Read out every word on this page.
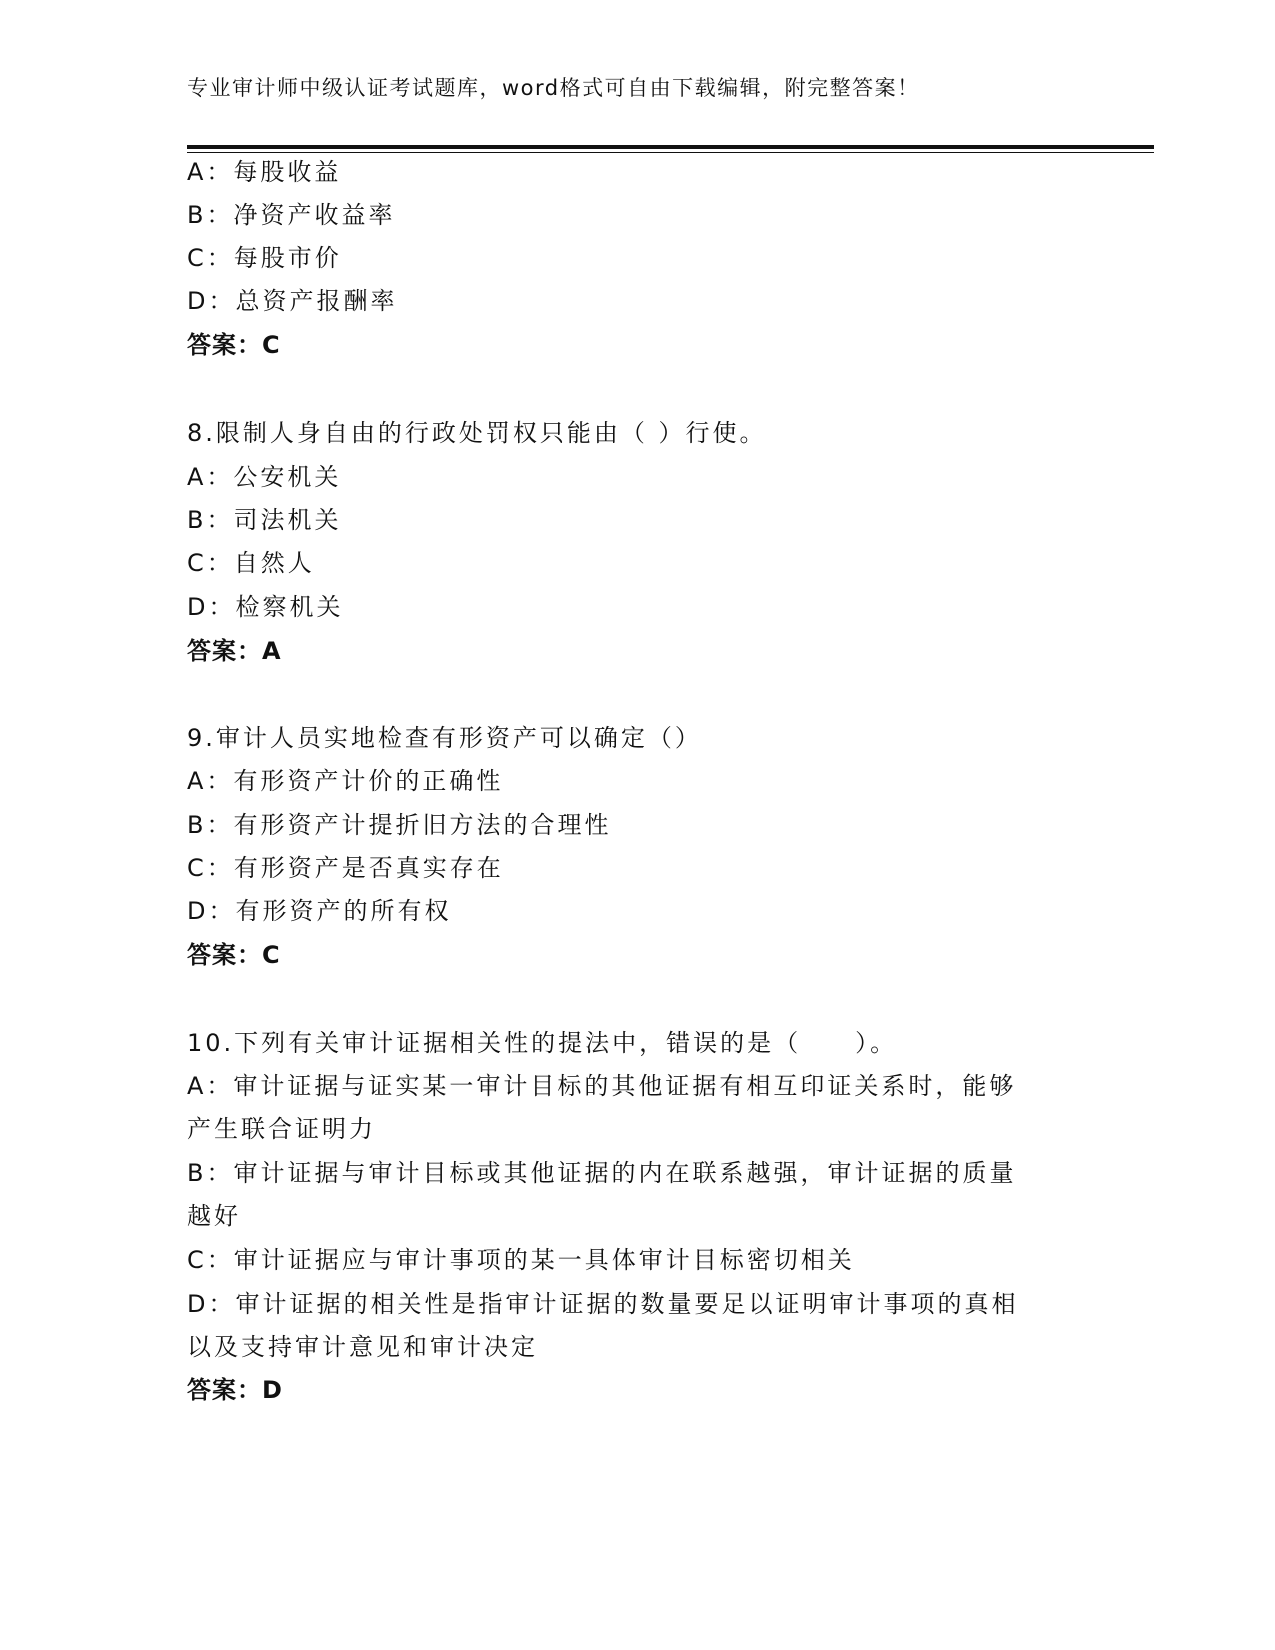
专业审计师中级认证考试题库，word格式可自由下载编辑，附完整答案！
A：每股收益
B：净资产收益率
C：每股市价
D：总资产报酬率
答案：C
8.限制人身自由的行政处罚权只能由（ ）行使。
A：公安机关
B：司法机关
C：自然人
D：检察机关
答案：A
9.审计人员实地检查有形资产可以确定（）
A：有形资产计价的正确性
B：有形资产计提折旧方法的合理性
C：有形资产是否真实存在
D：有形资产的所有权
答案：C
10.下列有关审计证据相关性的提法中，错误的是（　　）。
A：审计证据与证实某一审计目标的其他证据有相互印证关系时，能够
产生联合证明力
B：审计证据与审计目标或其他证据的内在联系越强，审计证据的质量
越好
C：审计证据应与审计事项的某一具体审计目标密切相关
D：审计证据的相关性是指审计证据的数量要足以证明审计事项的真相
以及支持审计意见和审计决定
答案：D
